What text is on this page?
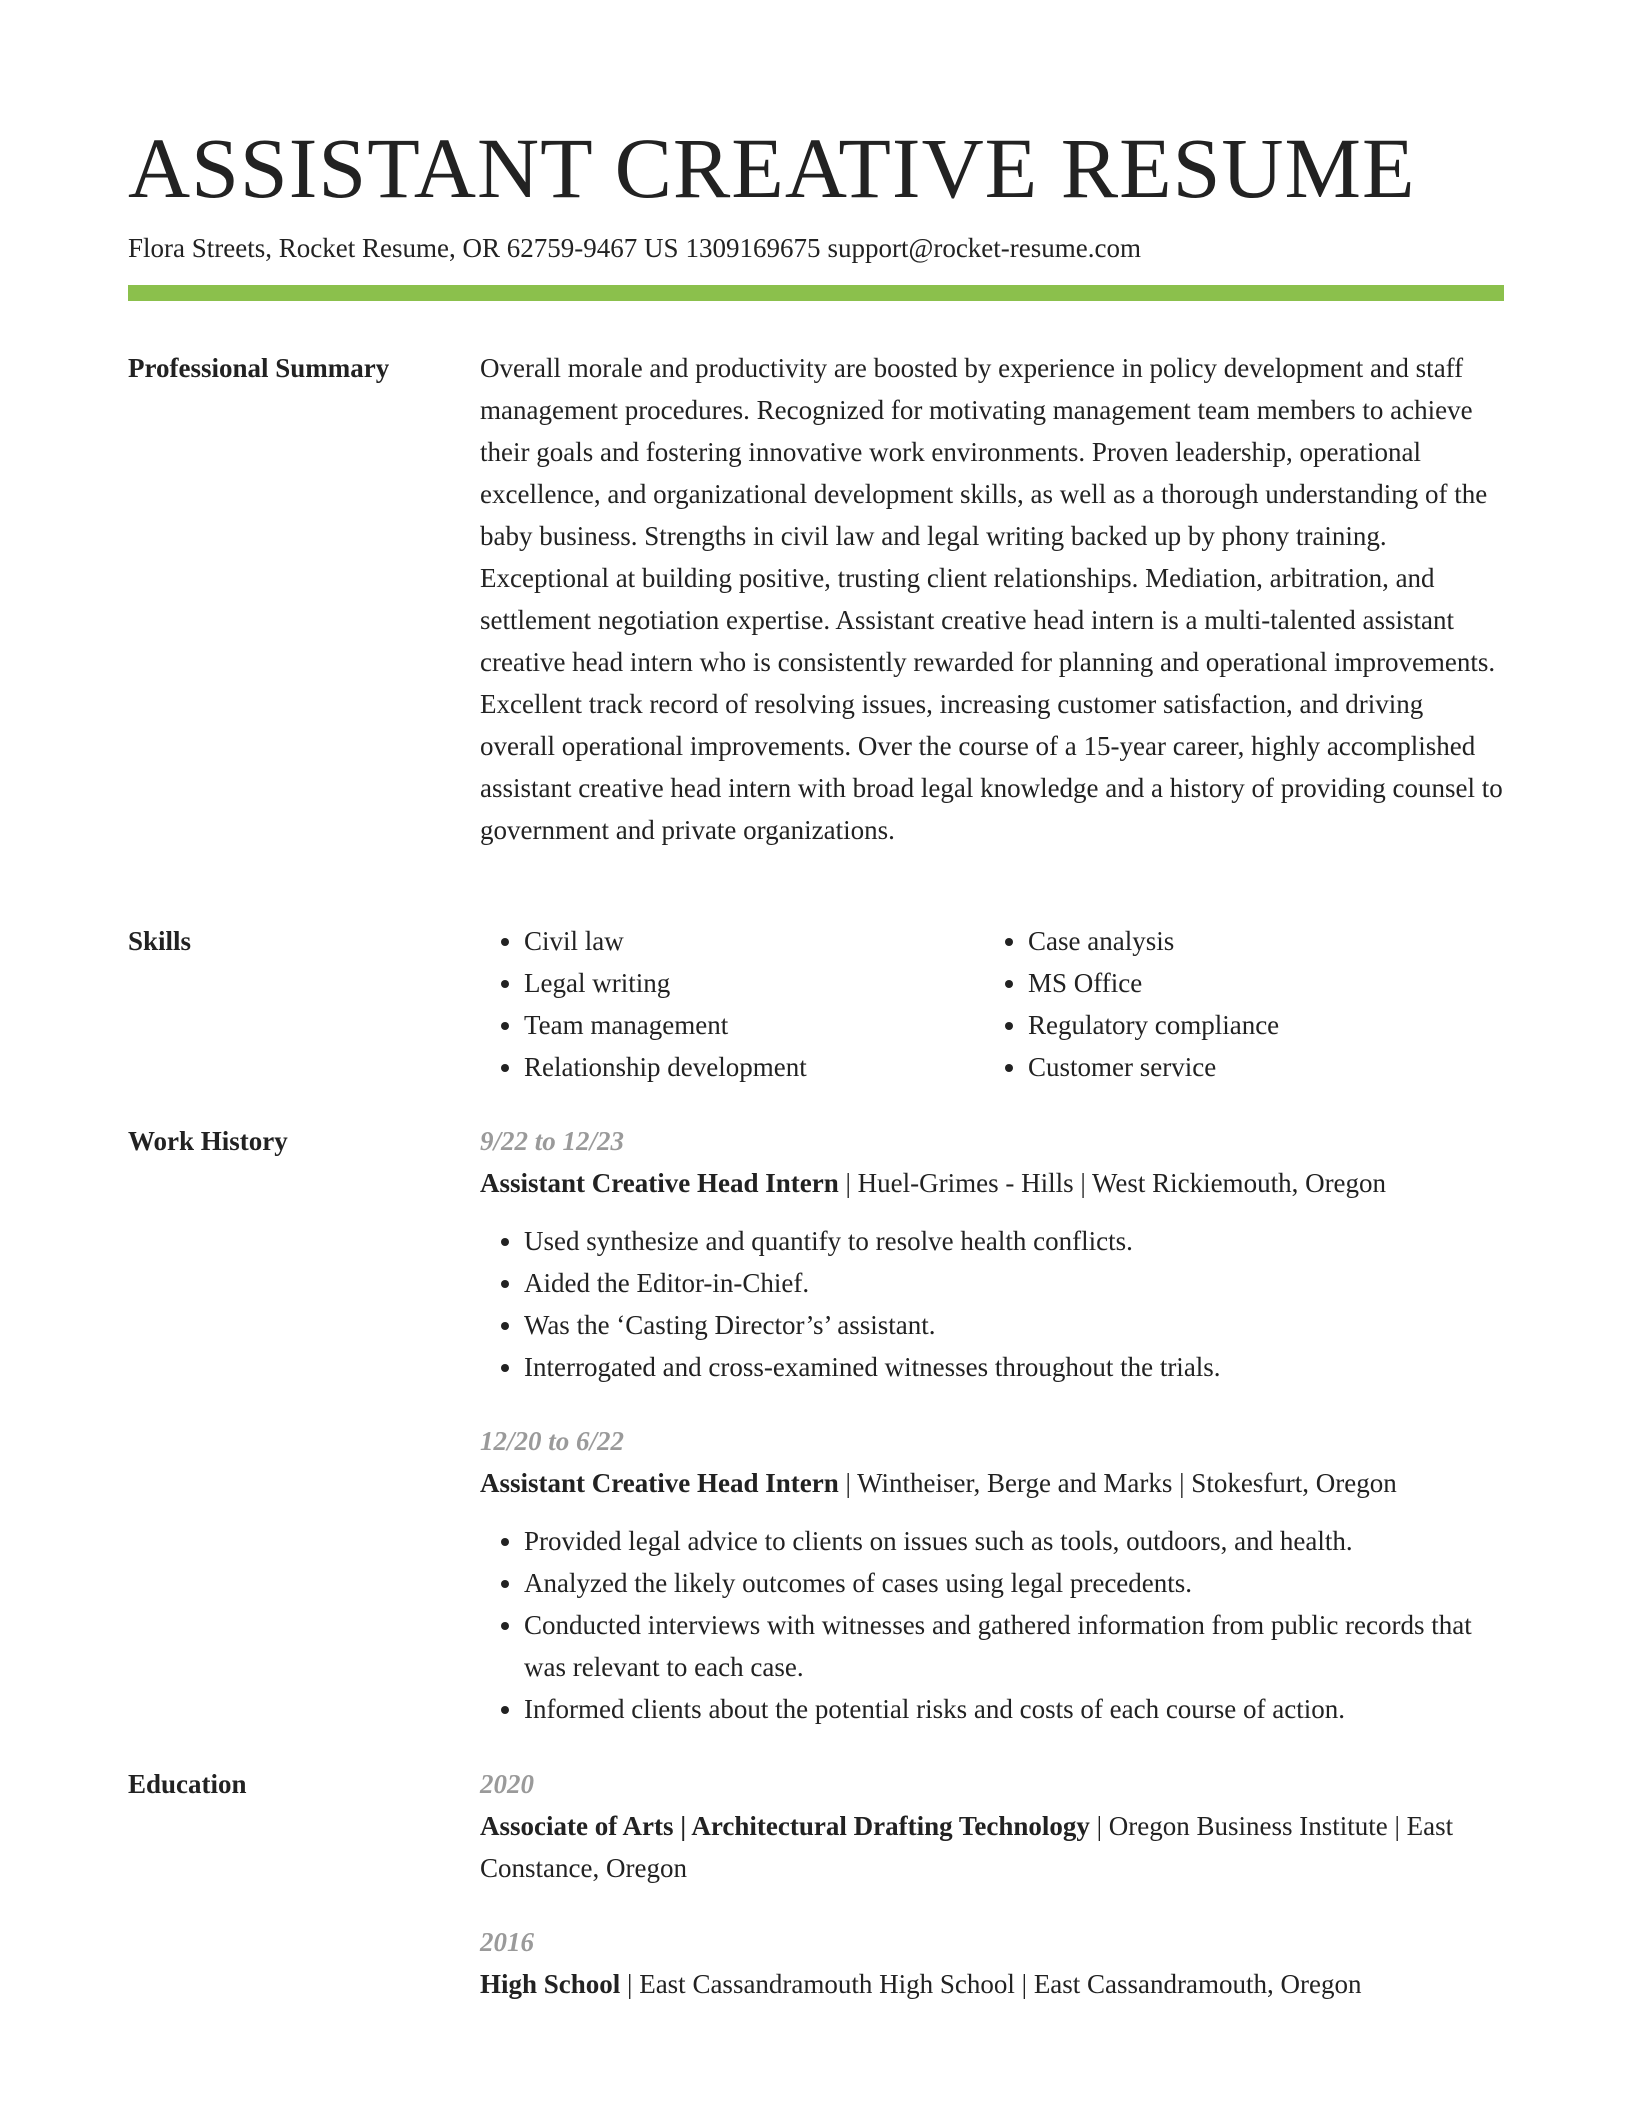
ASSISTANT CREATIVE RESUME
Flora Streets, Rocket Resume, OR 62759-9467 US 1309169675 support@rocket-resume.com
Professional Summary	Overall morale and productivity are boosted by experience in policy development and staff management procedures. Recognized for motivating management team members to achieve their goals and fostering innovative work environments. Proven leadership, operational excellence, and organizational development skills, as well as a thorough understanding of the baby business. Strengths in civil law and legal writing backed up by phony training. Exceptional at building positive, trusting client relationships. Mediation, arbitration, and settlement negotiation expertise. Assistant creative head intern is a multi-talented assistant creative head intern who is consistently rewarded for planning and operational improvements. Excellent track record of resolving issues, increasing customer satisfaction, and driving overall operational improvements. Over the course of a 15-year career, highly accomplished assistant creative head intern with broad legal knowledge and a history of providing counsel to government and private organizations.

Skills
•	Civil law
• Legal writing
• Team management
• Relationship development
• Case analysis
• MS Office
• Regulatory compliance
• Customer service
Work History	9/22 to 12/23
Assistant Creative Head Intern | Huel-Grimes - Hills | West Rickiemouth, Oregon
• Used synthesize and quantify to resolve health conflicts.
• Aided the Editor-in-Chief.
• Was the ‘Casting Director’s’ assistant.
• Interrogated and cross-examined witnesses throughout the trials.
12/20 to 6/22
Assistant Creative Head Intern | Wintheiser, Berge and Marks | Stokesfurt, Oregon
• Provided legal advice to clients on issues such as tools, outdoors, and health.
• Analyzed the likely outcomes of cases using legal precedents.
• Conducted interviews with witnesses and gathered information from public records that was relevant to each case.
• Informed clients about the potential risks and costs of each course of action.
Education	2020
Associate of Arts | Architectural Drafting Technology | Oregon Business Institute | East Constance, Oregon
2016
High School | East Cassandramouth High School | East Cassandramouth, Oregon
